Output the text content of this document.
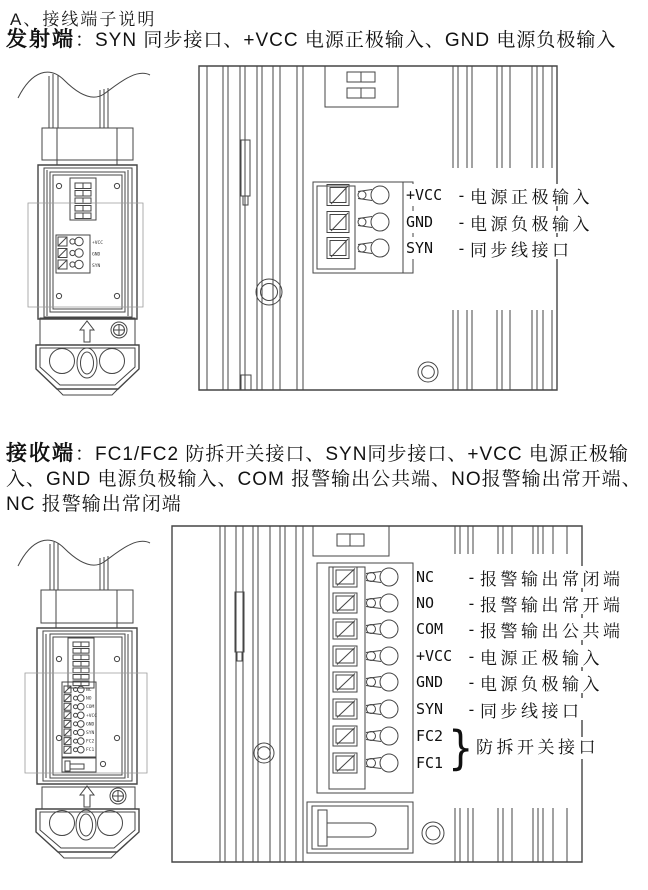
A、接线端子说明
发射端：SYN 同步接口、+VCC 电源正极输入、GND 电源负极输入
+VCC
GND
SYN
+VCC - 电源正极输入
GND	- 电源负极输入
SYN	- 同步线接口
接收端：FC1/FC2 防拆开关接口、SYN同步接口、+VCC 电源正极输入、GND 电源负极输入、COM 报警输出公共端、NO报警输出常开端、NC 报警输出常闭端
NC
NO
COM
+VCC
GND
SYN
FC2
FC1
NC	- 报警输出常闭端
NO	- 报警输出常开端
COM	- 报警输出公共端
+VCC - 电源正极输入
GND	- 电源负极输入
SYN	- 同步线接口
FC2
FC1 } 防拆开关接口
